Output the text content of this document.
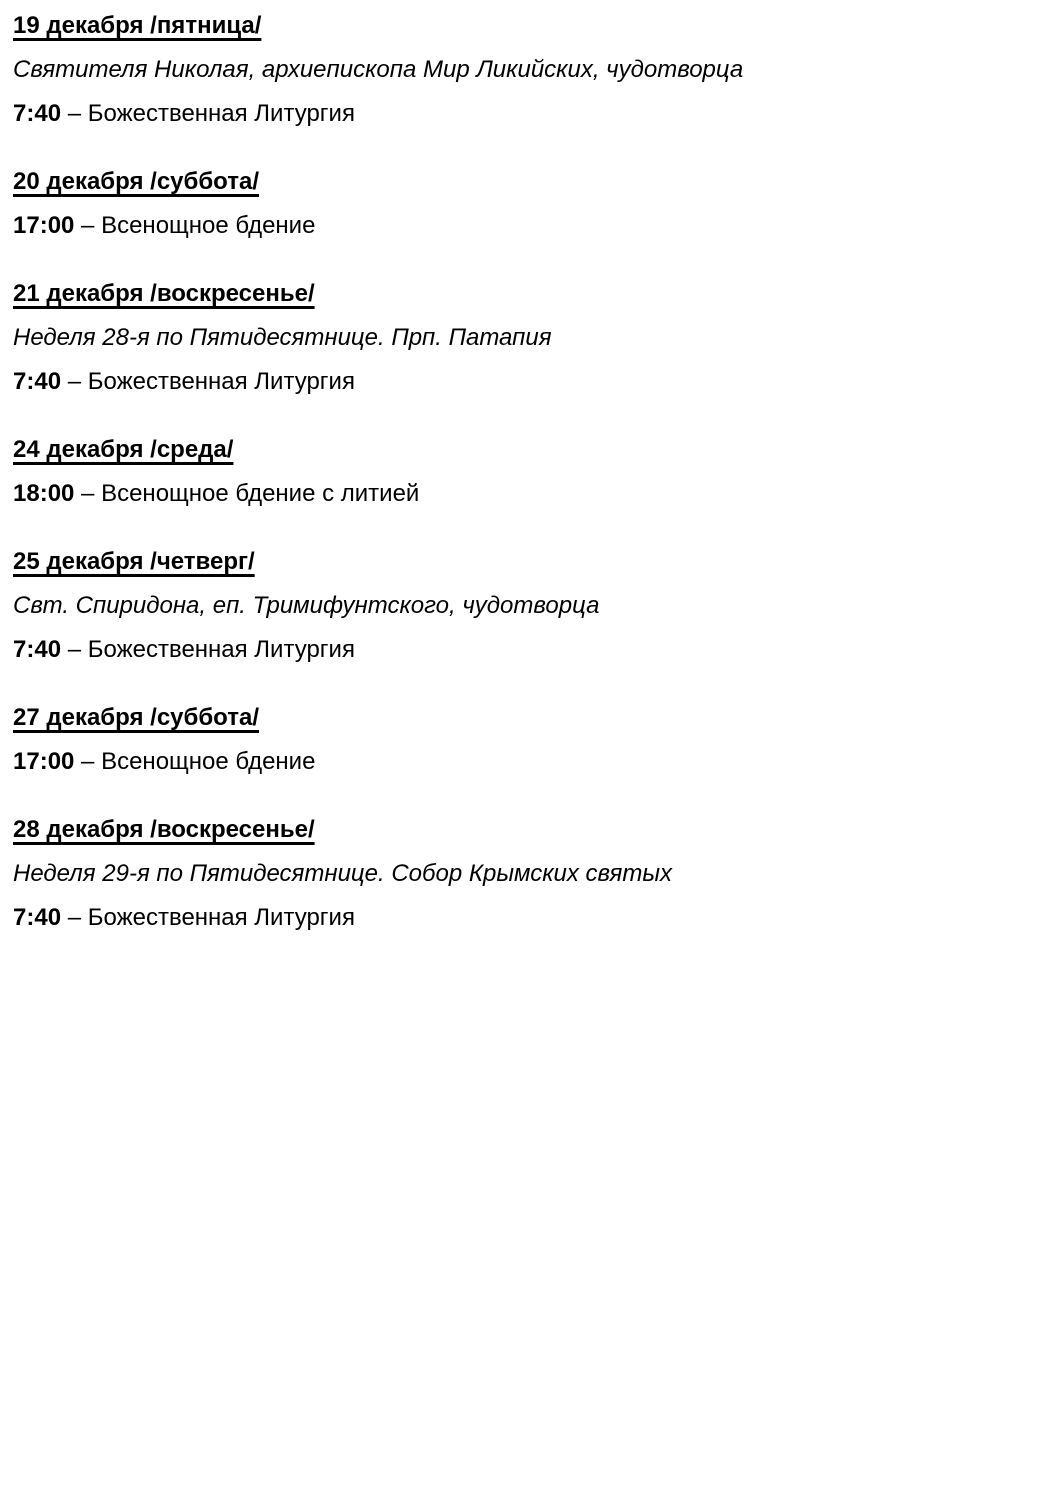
19 декабря /пятница/
Святителя Николая, архиепископа Мир Ликийских, чудотворца
7:40 – Божественная Литургия
20 декабря /суббота/
17:00 – Всенощное бдение
21 декабря /воскресенье/
Неделя 28-я по Пятидесятнице. Прп. Патапия
7:40 – Божественная Литургия
24 декабря /среда/
18:00 – Всенощное бдение с литией
25 декабря /четверг/
Свт. Спиридона, еп. Тримифунтского, чудотворца
7:40 – Божественная Литургия
27 декабря /суббота/
17:00 – Всенощное бдение
28 декабря /воскресенье/
Неделя 29-я по Пятидесятнице. Собор Крымских святых
7:40 – Божественная Литургия
